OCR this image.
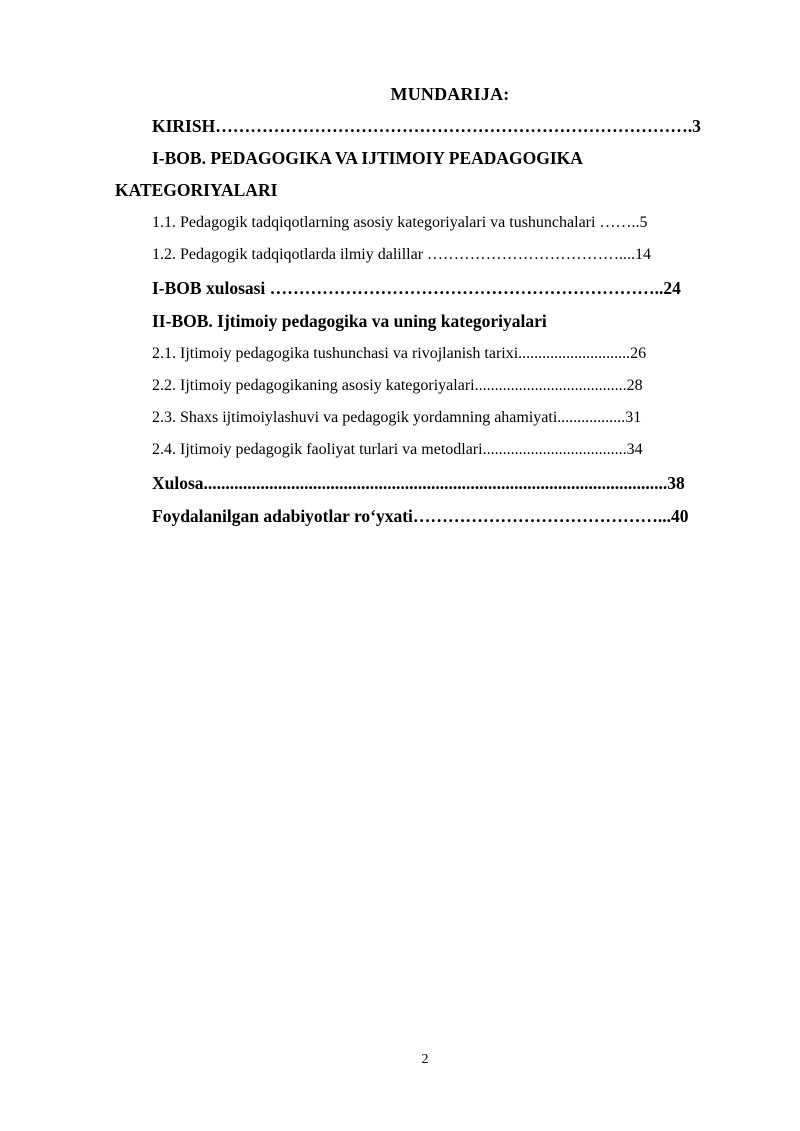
MUNDARIJA:
KIRISH……………………………………………………………………….3
I-BOB. PEDAGOGIKA VA IJTIMOIY PEADAGOGIKA
KATEGORIYALARI
1.1. Pedagogik tadqiqotlarning asosiy kategoriyalari va tushunchalari ……..5
1.2. Pedagogik tadqiqotlarda ilmiy dalillar ………………………………....14
I-BOB xulosasi …………………………………………………………..24
II-BOB. Ijtimoiy pedagogika va uning kategoriyalari
2.1. Ijtimoiy pedagogika tushunchasi va rivojlanish tarixi............................26
2.2. Ijtimoiy pedagogikaning asosiy kategoriyalari......................................28
2.3. Shaxs ijtimoiylashuvi va pedagogik yordamning ahamiyati.................31
2.4. Ijtimoiy pedagogik faoliyat turlari va metodlari....................................34
Xulosa..........................................................................................................38
Foydalanilgan adabiyotlar ro‘yxati……………………………………...40
2
